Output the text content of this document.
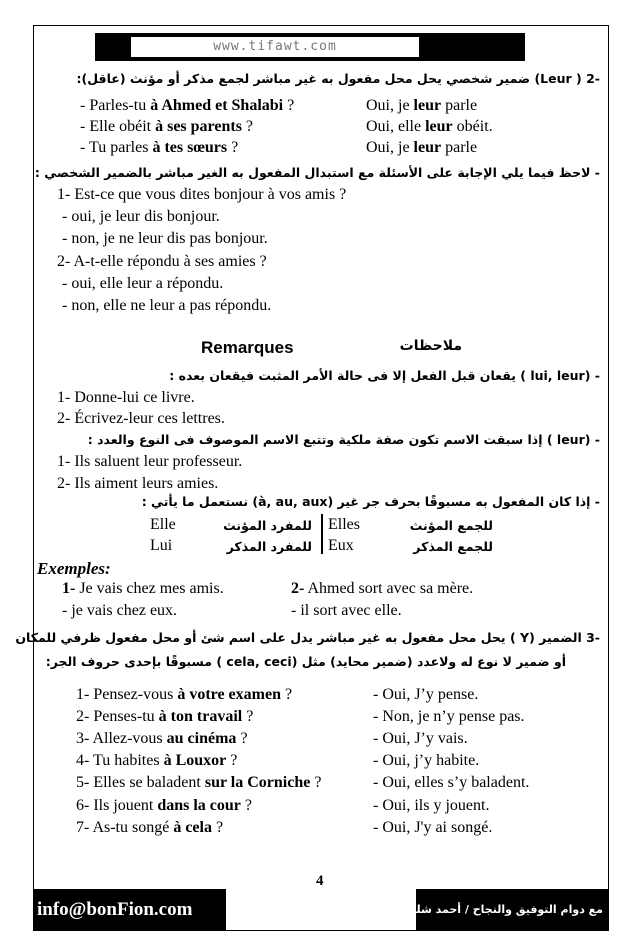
www.tifawt.com
-2 ( Leur) ضمير شخصي يحل محل مفعول به غير مباشر لجمع مذكر أو مؤنث (عاقل):
- Parles-tu à Ahmed et Shalabi ?	Oui, je leur parle
- Elle obéit à ses parents ?	Oui, elle leur obéit.
- Tu parles à tes sœurs ?	Oui, je leur parle
- لاحظ فيما يلي الإجابة على الأسئلة مع استبدال المفعول به الغير مباشر بالضمير الشخصي :
1- Est-ce que vous dites bonjour à vos amis ?
- oui, je leur dis bonjour.
- non, je ne leur dis pas bonjour.
2- A-t-elle répondu à ses amies ?
- oui, elle leur a répondu.
- non, elle ne leur a pas répondu.
Remarques	ملاحظات
- (lui, leur ) يقعان قبل الفعل إلا فى حالة الأمر المثبت فيقعان بعده :
1- Donne-lui ce livre.
2- Écrivez-leur ces lettres.
- (leur ) إذا سبقت الاسم تكون صفة ملكية وتتبع الاسم الموصوف فى النوع والعدد :
1- Ils saluent leur professeur.
2- Ils aiment leurs amies.
- إذا كان المفعول به مسبوقًا بحرف جر غير (à, au, aux) نستعمل ما يأتي :
Elle	للمفرد المؤنث Elles	للجمع المؤنث
Lui	للمفرد المذكر Eux	للجمع المذكر
Exemples:
1- Je vais chez mes amis.	2- Ahmed sort avec sa mère.
- je vais chez eux.	- il sort avec elle.
-3 الضمير (Y ) يحل محل مفعول به غير مباشر يدل على اسم شئ أو محل مفعول ظرفي للمكان
أو ضمير لا نوع له ولاعدد (ضمير محايد) مثل (cela, ceci ) مسبوقًا بإحدى حروف الجر:
1- Pensez-vous à votre examen ?	- Oui, J’y pense.
2- Penses-tu à ton travail ?	- Non, je n’y pense pas.
3- Allez-vous au cinéma ?	- Oui, J’y vais.
4- Tu habites à Louxor ?	- Oui, j’y habite.
5- Elles se baladent sur la Corniche ?	- Oui, elles s’y baladent.
6- Ils jouent dans la cour ?	- Oui, ils y jouent.
7- As-tu songé à cela ?	- Oui, J'y ai songé.
4
info@bonFion.com	مع دوام التوفيق والنجاح / أحمد شلبى
